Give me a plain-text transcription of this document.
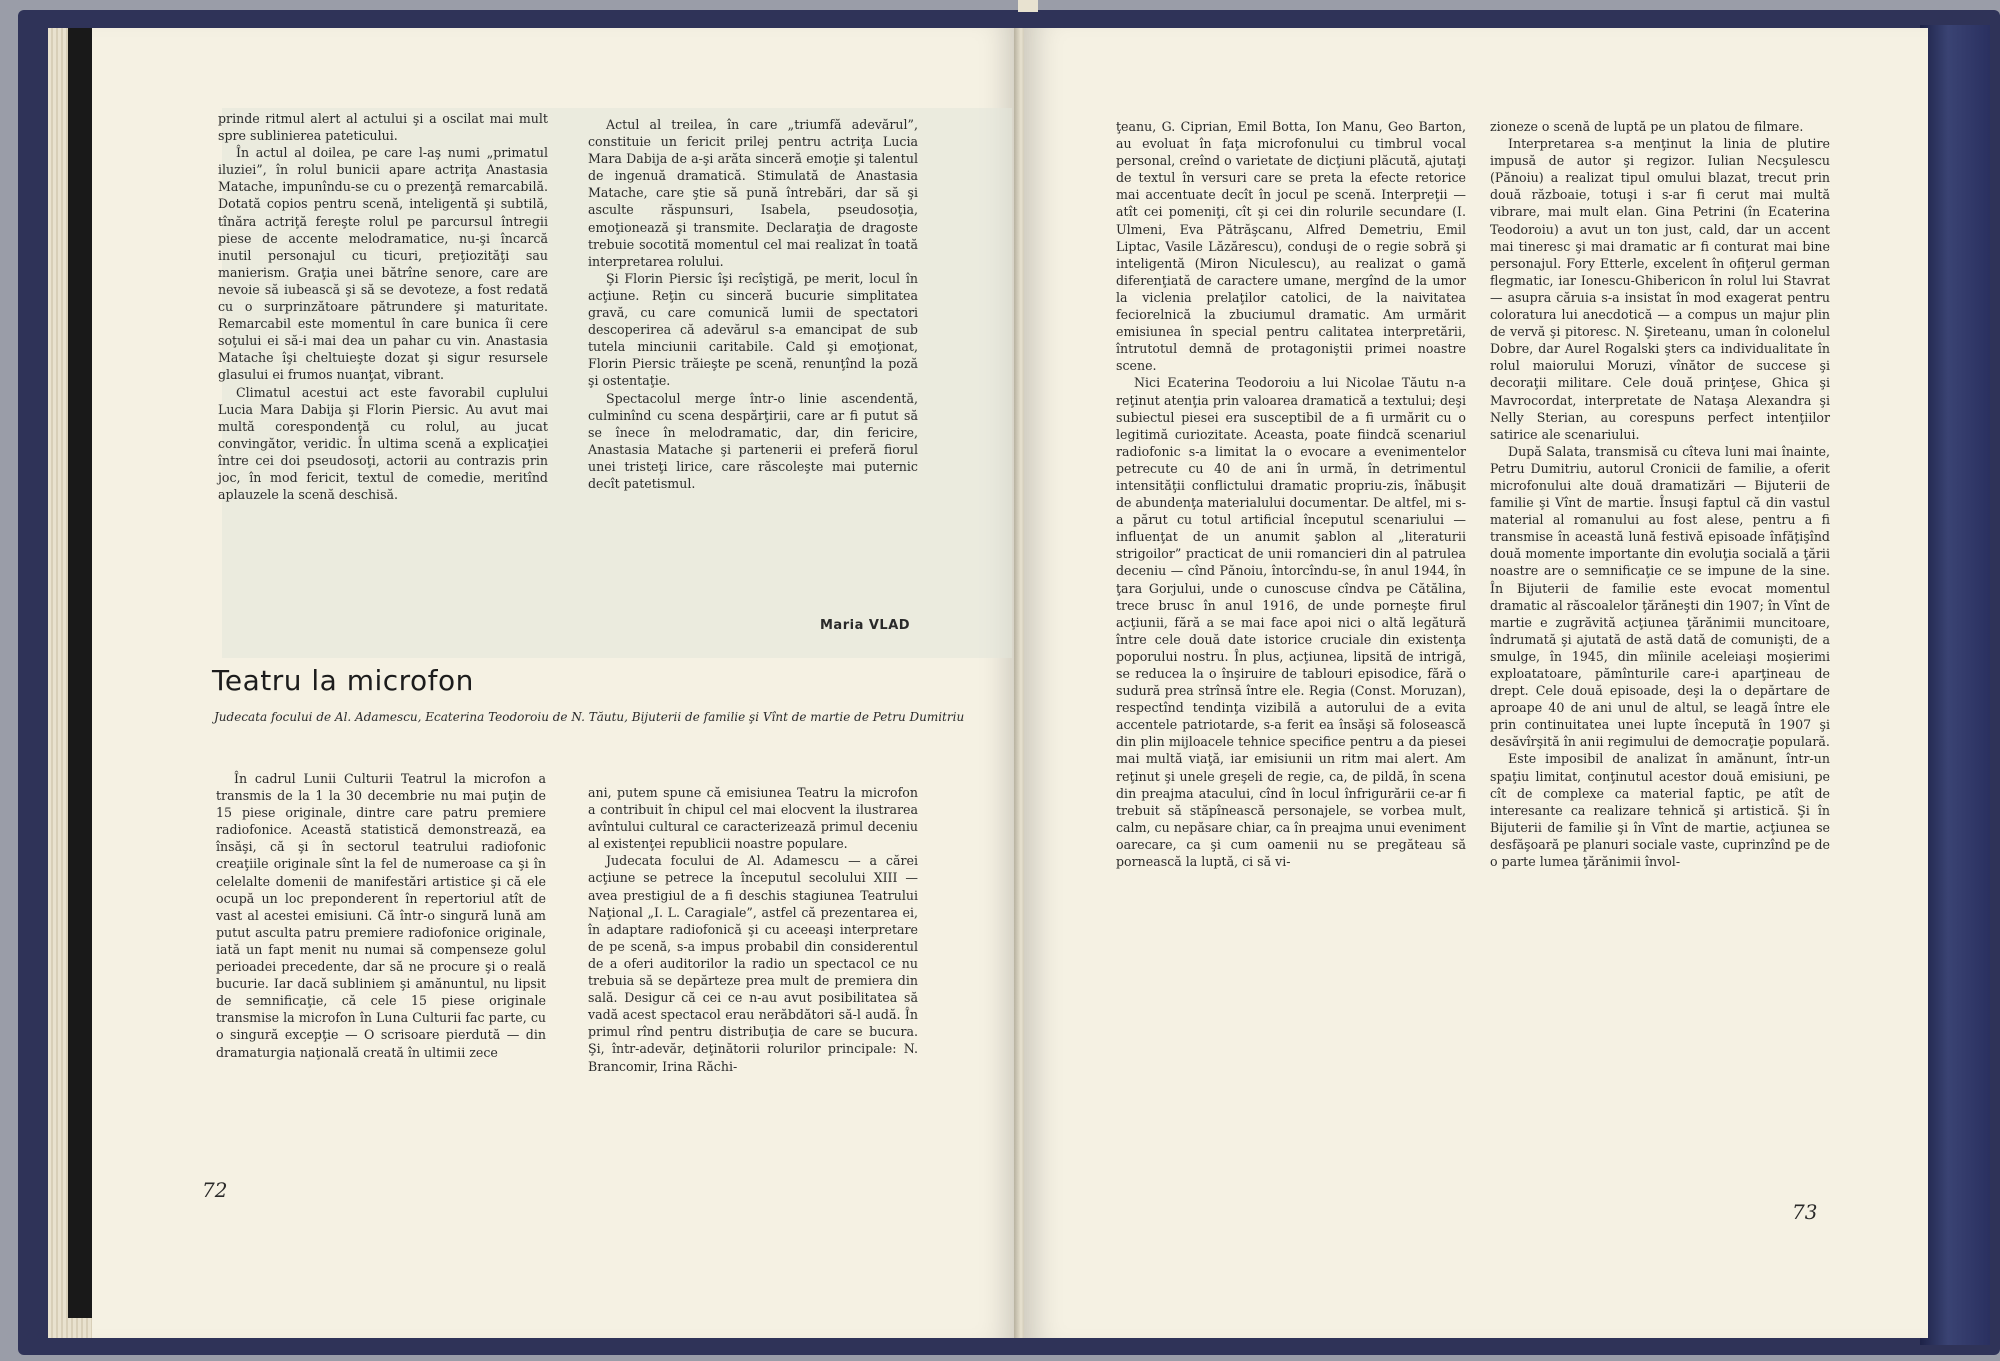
prinde ritmul alert al actului şi a oscilat mai mult spre sublinierea pateticului.

În actul al doilea, pe care l-aş numi „primatul iluziei”, în rolul bunicii apare actriţa Anastasia Matache, impunîndu-se cu o prezenţă remarcabilă. Dotată copios pentru scenă, inteligentă şi subtilă, tînăra actriţă fereşte rolul pe parcursul întregii piese de accente melodramatice, nu-şi încarcă inutil personajul cu ticuri, preţiozităţi sau manierism. Graţia unei bătrîne senore, care are nevoie să iubească şi să se devoteze, a fost redată cu o surprinzătoare pătrundere şi maturitate. Remarcabil este momentul în care bunica îi cere soţului ei să-i mai dea un pahar cu vin. Anastasia Matache îşi cheltuieşte dozat şi sigur resursele glasului ei frumos nuanţat, vibrant.

Climatul acestui act este favorabil cuplului Lucia Mara Dabija şi Florin Piersic. Au avut mai multă corespondenţă cu rolul, au jucat convingător, veridic. În ultima scenă a explicaţiei între cei doi pseudosoţi, actorii au contrazis prin joc, în mod fericit, textul de comedie, meritînd aplauzele la scenă deschisă.

Actul al treilea, în care „triumfă adevărul”, constituie un fericit prilej pentru actriţa Lucia Mara Dabija de a-şi arăta sinceră emoţie şi talentul de ingenuă dramatică. Stimulată de Anastasia Matache, care ştie să pună întrebări, dar să şi asculte răspunsuri, Isabela, pseudosoţia, emoţionează şi transmite. Declaraţia de dragoste trebuie socotită momentul cel mai realizat în toată interpretarea rolului.

Şi Florin Piersic îşi recîştigă, pe merit, locul în acţiune. Reţin cu sinceră bucurie simplitatea gravă, cu care comunică lumii de spectatori descoperirea că adevărul s-a emancipat de sub tutela minciunii caritabile. Cald şi emoţionat, Florin Piersic trăieşte pe scenă, renunţînd la poză şi ostentaţie.

Spectacolul merge într-o linie ascendentă, culminînd cu scena despărţirii, care ar fi putut să se înece în melodramatic, dar, din fericire, Anastasia Matache şi partenerii ei preferă fiorul unei tristeţi lirice, care răscoleşte mai puternic decît patetismul.

Maria VLAD
Teatru la microfon
Judecata focului de Al. Adamescu, Ecaterina Teodoroiu de N. Tăutu, Bijuterii de familie şi Vînt de martie de Petru Dumitriu

În cadrul Lunii Culturii Teatrul la microfon a transmis de la 1 la 30 decembrie nu mai puţin de 15 piese originale, dintre care patru premiere radiofonice. Această statistică demonstrează, ea însăşi, că şi în sectorul teatrului radiofonic creaţiile originale sînt la fel de numeroase ca şi în celelalte domenii de manifestări artistice şi că ele ocupă un loc preponderent în repertoriul atît de vast al acestei emisiuni. Că într-o singură lună am putut asculta patru premiere radiofonice originale, iată un fapt menit nu numai să compenseze golul perioadei precedente, dar să ne procure şi o reală bucurie. Iar dacă subliniem şi amănuntul, nu lipsit de semnificaţie, că cele 15 piese originale transmise la microfon în Luna Culturii fac parte, cu o singură excepţie — O scrisoare pierdută — din dramaturgia naţională creată în ultimii zece

ani, putem spune că emisiunea Teatru la microfon a contribuit în chipul cel mai elocvent la ilustrarea avîntului cultural ce caracterizează primul deceniu al existenţei republicii noastre populare.

Judecata focului de Al. Adamescu — a cărei acţiune se petrece la începutul secolului XIII — avea prestigiul de a fi deschis stagiunea Teatrului Naţional „I. L. Caragiale”, astfel că prezentarea ei, în adaptare radiofonică şi cu aceeaşi interpretare de pe scenă, s-a impus probabil din considerentul de a oferi auditorilor la radio un spectacol ce nu trebuia să se depărteze prea mult de premiera din sală. Desigur că cei ce n-au avut posibilitatea să vadă acest spectacol erau nerăbdători să-l audă. În primul rînd pentru distribuţia de care se bucura. Şi, într-adevăr, deţinătorii rolurilor principale: N. Brancomir, Irina Răchi-

72

ţeanu, G. Ciprian, Emil Botta, Ion Manu, Geo Barton, au evoluat în faţa microfonului cu timbrul vocal personal, creînd o varietate de dicţiuni plăcută, ajutaţi de textul în versuri care se preta la efecte retorice mai accentuate decît în jocul pe scenă. Interpreţii — atît cei pomeniţi, cît şi cei din rolurile secundare (I. Ulmeni, Eva Pătrăşcanu, Alfred Demetriu, Emil Liptac, Vasile Lăzărescu), conduşi de o regie sobră şi inteligentă (Miron Niculescu), au realizat o gamă diferenţiată de caractere umane, mergînd de la umor la viclenia prelaţilor catolici, de la naivitatea feciorelnică la zbuciumul dramatic. Am urmărit emisiunea în special pentru calitatea interpretării, întrutotul demnă de protagoniştii primei noastre scene.

Nici Ecaterina Teodoroiu a lui Nicolae Tăutu n-a reţinut atenţia prin valoarea dramatică a textului; deşi subiectul piesei era susceptibil de a fi urmărit cu o legitimă curiozitate. Aceasta, poate fiindcă scenariul radiofonic s-a limitat la o evocare a evenimentelor petrecute cu 40 de ani în urmă, în detrimentul intensităţii conflictului dramatic propriu-zis, înăbuşit de abundenţa materialului documentar. De altfel, mi s-a părut cu totul artificial începutul scenariului — influenţat de un anumit şablon al „literaturii strigoilor” practicat de unii romancieri din al patrulea deceniu — cînd Pănoiu, întorcîndu-se, în anul 1944, în ţara Gorjului, unde o cunoscuse cîndva pe Cătălina, trece brusc în anul 1916, de unde porneşte firul acţiunii, fără a se mai face apoi nici o altă legătură între cele două date istorice cruciale din existenţa poporului nostru. În plus, acţiunea, lipsită de intrigă, se reducea la o înşiruire de tablouri episodice, fără o sudură prea strînsă între ele. Regia (Const. Moruzan), respectînd tendinţa vizibilă a autorului de a evita accentele patriotarde, s-a ferit ea însăşi să folosească din plin mijloacele tehnice specifice pentru a da piesei mai multă viaţă, iar emisiunii un ritm mai alert. Am reţinut şi unele greşeli de regie, ca, de pildă, în scena din preajma atacului, cînd în locul înfrigurării ce-ar fi trebuit să stăpînească personajele, se vorbea mult, calm, cu nepăsare chiar, ca în preajma unui eveniment oarecare, ca şi cum oamenii nu se pregăteau să pornească la luptă, ci să vi-

zioneze o scenă de luptă pe un platou de filmare.

Interpretarea s-a menţinut la linia de plutire impusă de autor şi regizor. Iulian Necşulescu (Pănoiu) a realizat tipul omului blazat, trecut prin două războaie, totuşi i s-ar fi cerut mai multă vibrare, mai mult elan. Gina Petrini (în Ecaterina Teodoroiu) a avut un ton just, cald, dar un accent mai tineresc şi mai dramatic ar fi conturat mai bine personajul. Fory Etterle, excelent în ofiţerul german flegmatic, iar Ionescu-Ghibericon în rolul lui Stavrat — asupra căruia s-a insistat în mod exagerat pentru coloratura lui anecdotică — a compus un majur plin de vervă şi pitoresc. N. Şireteanu, uman în colonelul Dobre, dar Aurel Rogalski şters ca individualitate în rolul maiorului Moruzi, vînător de succese şi decoraţii militare. Cele două prinţese, Ghica şi Mavrocordat, interpretate de Nataşa Alexandra şi Nelly Sterian, au corespuns perfect intenţiilor satirice ale scenariului.

După Salata, transmisă cu cîteva luni mai înainte, Petru Dumitriu, autorul Cronicii de familie, a oferit microfonului alte două dramatizări — Bijuterii de familie şi Vînt de martie. Însuşi faptul că din vastul material al romanului au fost alese, pentru a fi transmise în această lună festivă episoade înfăţişînd două momente importante din evoluţia socială a ţării noastre are o semnificaţie ce se impune de la sine. În Bijuterii de familie este evocat momentul dramatic al răscoalelor ţărăneşti din 1907; în Vînt de martie e zugrăvită acţiunea ţărănimii muncitoare, îndrumată şi ajutată de astă dată de comunişti, de a smulge, în 1945, din mîinile aceleiaşi moşierimi exploatatoare, pămînturile care-i aparţineau de drept. Cele două episoade, deşi la o depărtare de aproape 40 de ani unul de altul, se leagă între ele prin continuitatea unei lupte începută în 1907 şi desăvîrşită în anii regimului de democraţie populară.

Este imposibil de analizat în amănunt, într-un spaţiu limitat, conţinutul acestor două emisiuni, pe cît de complexe ca material faptic, pe atît de interesante ca realizare tehnică şi artistică. Şi în Bijuterii de familie şi în Vînt de martie, acţiunea se desfăşoară pe planuri sociale vaste, cuprinzînd pe de o parte lumea ţărănimii învol-

73
